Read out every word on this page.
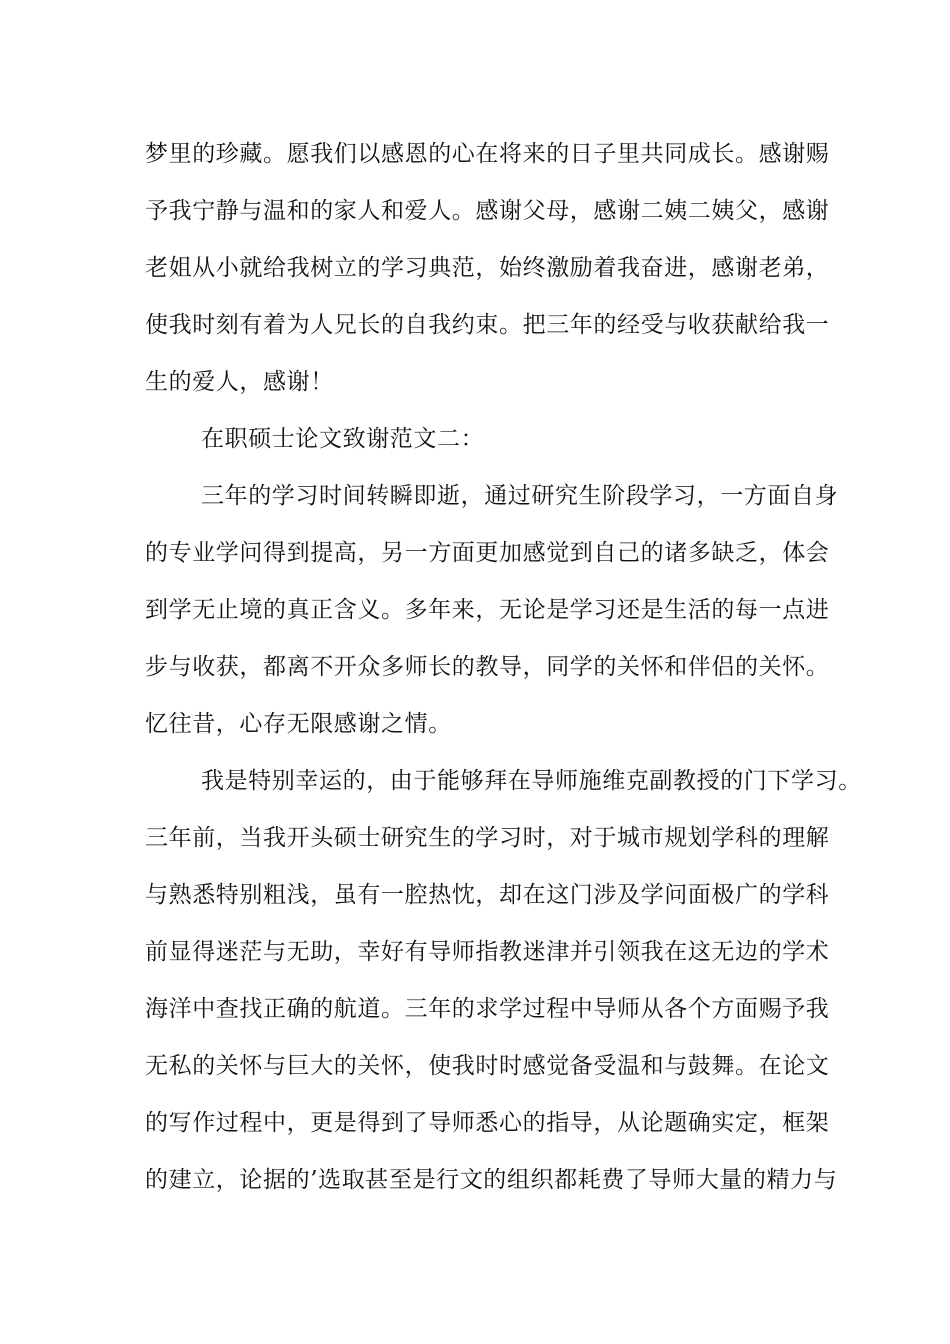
梦里的珍藏。愿我们以感恩的心在将来的日子里共同成长。感谢赐
予我宁静与温和的家人和爱人。感谢父母，感谢二姨二姨父，感谢
老姐从小就给我树立的学习典范，始终激励着我奋进，感谢老弟，
使我时刻有着为人兄长的自我约束。把三年的经受与收获献给我一
生的爱人，感谢！
在职硕士论文致谢范文二：
三年的学习时间转瞬即逝，通过研究生阶段学习，一方面自身
的专业学问得到提高，另一方面更加感觉到自己的诸多缺乏，体会
到学无止境的真正含义。多年来，无论是学习还是生活的每一点进
步与收获，都离不开众多师长的教导，同学的关怀和伴侣的关怀。
忆往昔，心存无限感谢之情。
我是特别幸运的，由于能够拜在导师施维克副教授的门下学习。
三年前，当我开头硕士研究生的学习时，对于城市规划学科的理解
与熟悉特别粗浅，虽有一腔热忱，却在这门涉及学问面极广的学科
前显得迷茫与无助，幸好有导师指教迷津并引领我在这无边的学术
海洋中查找正确的航道。三年的求学过程中导师从各个方面赐予我
无私的关怀与巨大的关怀，使我时时感觉备受温和与鼓舞。在论文
的写作过程中，更是得到了导师悉心的指导，从论题确实定，框架
的建立，论据的’选取甚至是行文的组织都耗费了导师大量的精力与
